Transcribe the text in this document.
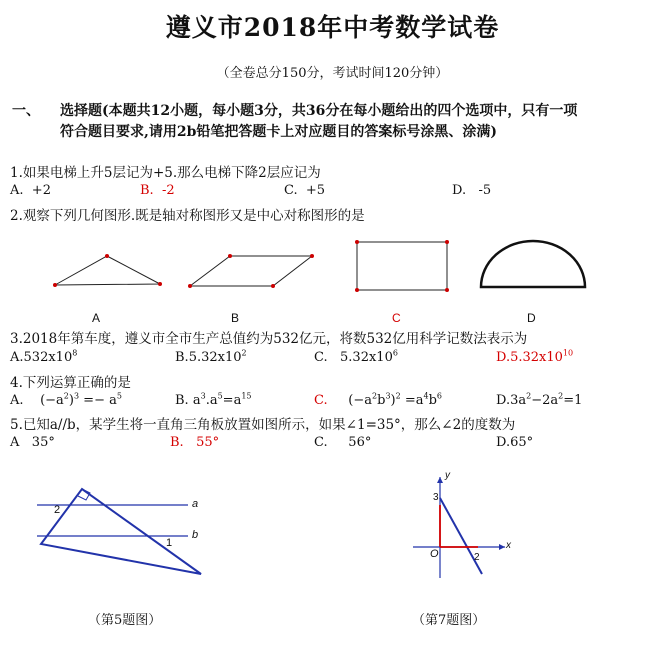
遵义市2018年中考数学试卷
（全卷总分150分，考试时间120分钟）
一、 选择题(本题共12小题，每小题3分，共36分在每小题给出的四个选项中，只有一项
符合题目要求,请用2b铅笔把答题卡上对应题目的答案标号涂黑、涂满)
1.如果电梯上升5层记为+5.那么电梯下降2层应记为
A. +2	B. -2	C. +5	D. -5
2.观察下列几何图形.既是轴对称图形又是中心对称图形的是
A	B	C	D
3.2018年第车度，遵义市全市生产总值约为532亿元，将数532亿用科学记数法表示为
$A.532x10^8$	$B.5.32x10^2$	C. $5.32x10^6$	$D.5.32x10^{10}$
4.下列运算正确的是
A. $(-a^2)^3 =- a^5$	B. $a^3.a^5=a^{15}$	C. $(-a^2b^3)^2 =a^4b^6$	$D.3a^2-2a^2=1$
5.已知a//b，某学生将一直角三角板放置如图所示，如果∠1=35°，那么∠2的度数为
A 35°	B. 55°	C. 56°	D.65°
a
b
2
1
（第5题图）
y
x
O
3
2
（第7题图）
